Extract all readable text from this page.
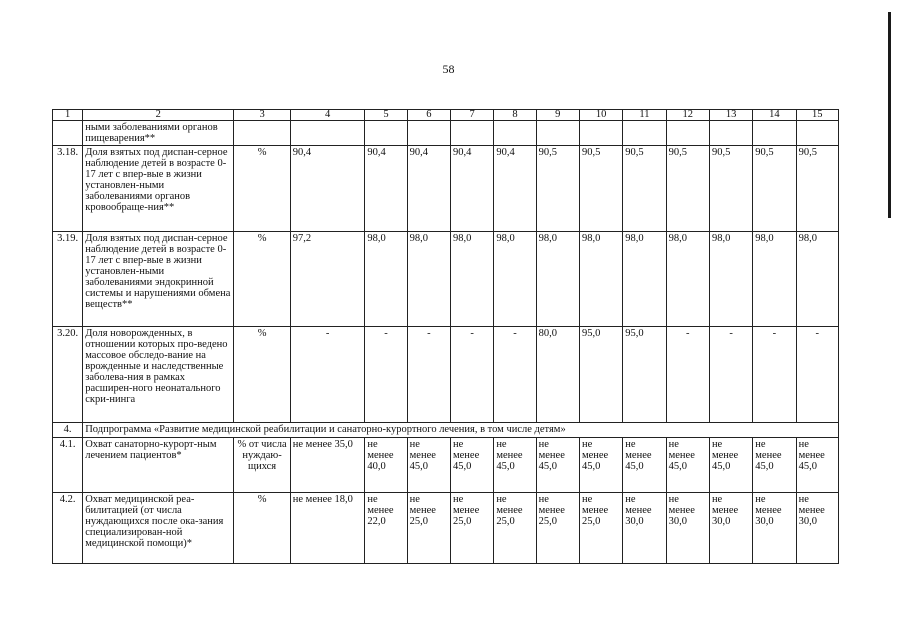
58
1	2	3	4	5	6	7	8	9	10	11	12	13	14	15
	ными заболеваниями органов пищеварения**													
3.18.	Доля взятых под диспан-серное наблюдение детей в возрасте 0-17 лет с впер-вые в жизни установлен-ными заболеваниями органов кровообраще-ния**	%	90,4	90,4	90,4	90,4	90,4	90,5	90,5	90,5	90,5	90,5	90,5	90,5
3.19.	Доля взятых под диспан-серное наблюдение детей в возрасте 0-17 лет с впер-вые в жизни установлен-ными заболеваниями эндокринной системы и нарушениями обмена веществ**	%	97,2	98,0	98,0	98,0	98,0	98,0	98,0	98,0	98,0	98,0	98,0	98,0
3.20.	Доля новорожденных, в отношении которых про-ведено массовое обследо-вание на врожденные и наследственные заболева-ния в рамках расширен-ного неонатального скри-нинга	%	-	-	-	-	-	80,0	95,0	95,0	-	-	-	-
4.	Подпрограмма «Развитие медицинской реабилитации и санаторно-курортного лечения, в том числе детям»													
4.1.	Охват санаторно-курорт-ным лечением пациентов*	% от числа нуждаю-щихся	не менее 35,0	не менее 40,0	не менее 45,0	не менее 45,0	не менее 45,0	не менее 45,0	не менее 45,0	не менее 45,0	не менее 45,0	не менее 45,0	не менее 45,0	не менее 45,0
4.2.	Охват медицинской реа-билитацией (от числа нуждающихся после ока-зания специализирован-ной медицинской помощи)*	%	не менее 18,0	не менее 22,0	не менее 25,0	не менее 25,0	не менее 25,0	не менее 25,0	не менее 25,0	не менее 30,0	не менее 30,0	не менее 30,0	не менее 30,0	не менее 30,0
